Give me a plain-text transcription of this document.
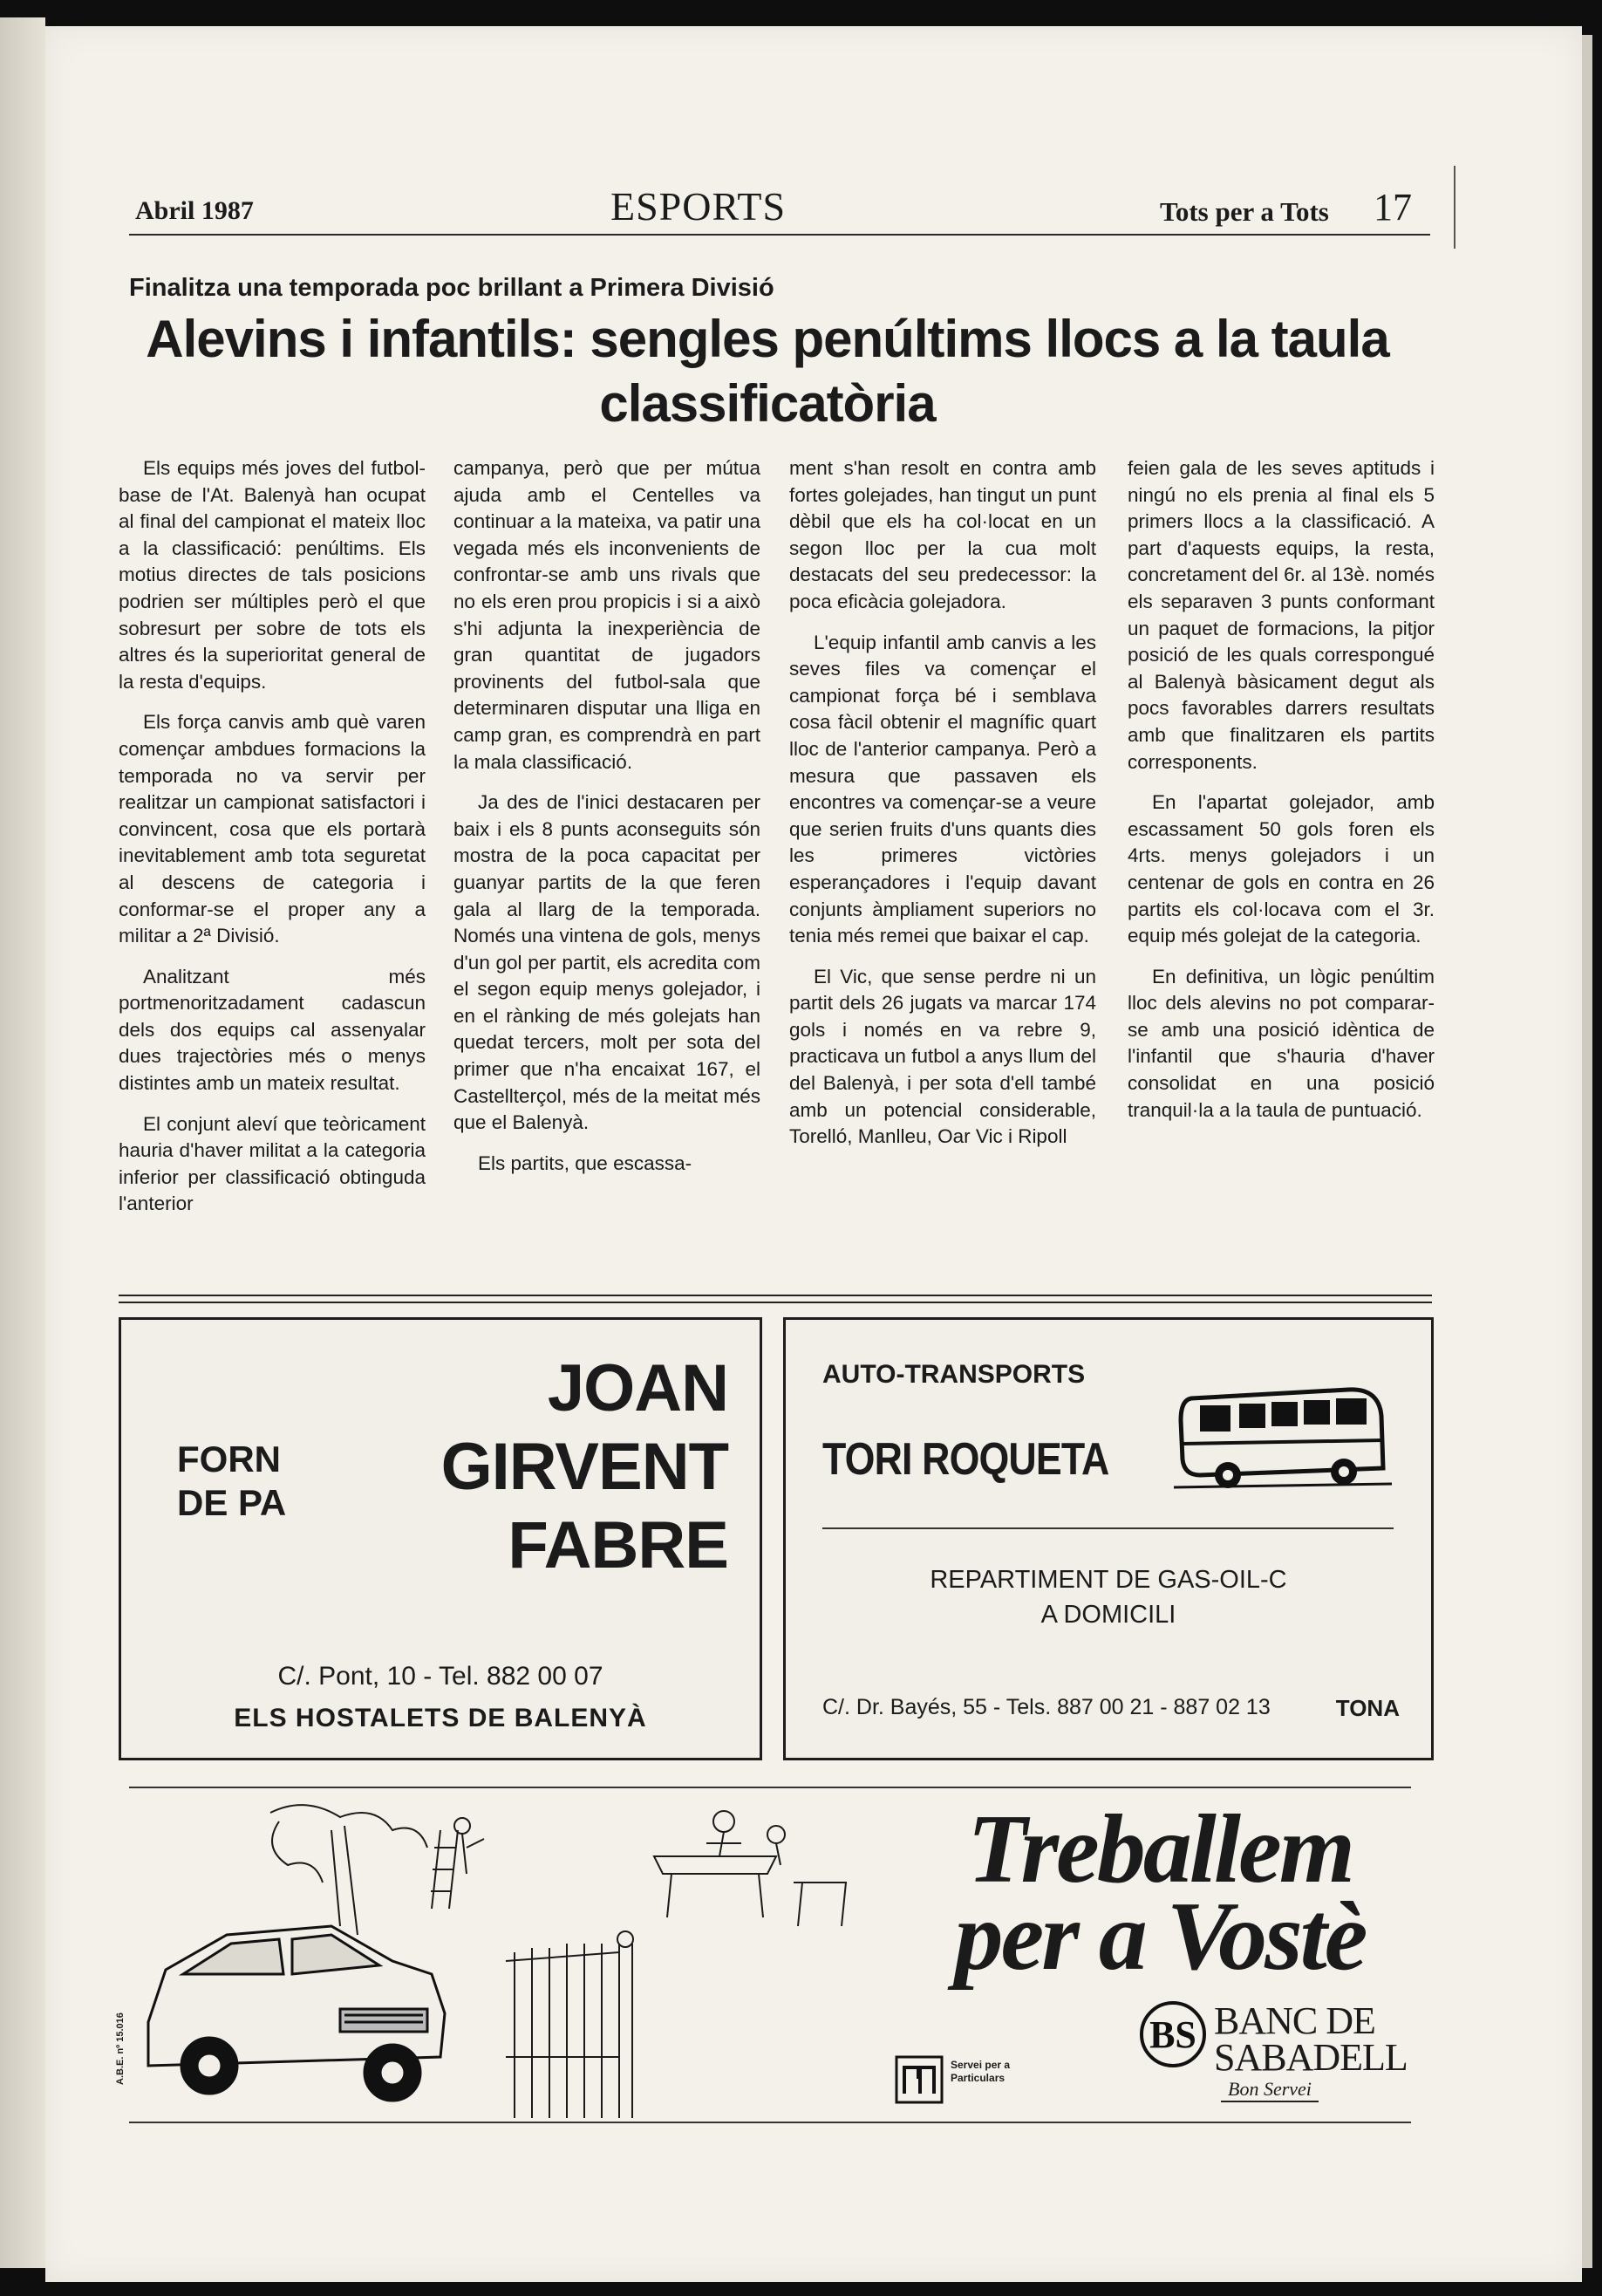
Abril 1987	ESPORTS	Tots per a Tots 17
Finalitza una temporada poc brillant a Primera Divisió
Alevins i infantils: sengles penúltims llocs a la taula classificatòria

Els equips més joves del futbol-base de l'At. Balenyà han ocupat al final del campionat el mateix lloc a la classificació: penúltims. Els motius directes de tals posicions podrien ser múltiples però el que sobresurt per sobre de tots els altres és la superioritat general de la resta d'equips.

Els força canvis amb què varen començar ambdues formacions la temporada no va servir per realitzar un campionat satisfactori i convincent, cosa que els portarà inevitablement amb tota seguretat al descens de categoria i conformar-se el proper any a militar a 2ª Divisió.

Analitzant més portmenoritzadament cadascun dels dos equips cal assenyalar dues trajectòries més o menys distintes amb un mateix resultat.

El conjunt aleví que teòricament hauria d'haver militat a la categoria inferior per classificació obtinguda l'anterior

campanya, però que per mútua ajuda amb el Centelles va continuar a la mateixa, va patir una vegada més els inconvenients de confrontar-se amb uns rivals que no els eren prou propicis i si a això s'hi adjunta la inexperiència de gran quantitat de jugadors provinents del futbol-sala que determinaren disputar una lliga en camp gran, es comprendrà en part la mala classificació.

Ja des de l'inici destacaren per baix i els 8 punts aconseguits són mostra de la poca capacitat per guanyar partits de la que feren gala al llarg de la temporada. Només una vintena de gols, menys d'un gol per partit, els acredita com el segon equip menys golejador, i en el rànking de més golejats han quedat tercers, molt per sota del primer que n'ha encaixat 167, el Castellterçol, més de la meitat més que el Balenyà.

Els partits, que escassa-

ment s'han resolt en contra amb fortes golejades, han tingut un punt dèbil que els ha col·locat en un segon lloc per la cua molt destacats del seu predecessor: la poca eficàcia golejadora.

L'equip infantil amb canvis a les seves files va començar el campionat força bé i semblava cosa fàcil obtenir el magnífic quart lloc de l'anterior campanya. Però a mesura que passaven els encontres va començar-se a veure que serien fruits d'uns quants dies les primeres victòries esperançadores i l'equip davant conjunts àmpliament superiors no tenia més remei que baixar el cap.

El Vic, que sense perdre ni un partit dels 26 jugats va marcar 174 gols i només en va rebre 9, practicava un futbol a anys llum del del Balenyà, i per sota d'ell també amb un potencial considerable, Torelló, Manlleu, Oar Vic i Ripoll

feien gala de les seves aptituds i ningú no els prenia al final els 5 primers llocs a la classificació. A part d'aquests equips, la resta, concretament del 6r. al 13è. només els separaven 3 punts conformant un paquet de formacions, la pitjor posició de les quals correspongué al Balenyà bàsicament degut als pocs favorables darrers resultats amb que finalitzaren els partits corresponents.

En l'apartat golejador, amb escassament 50 gols foren els 4rts. menys golejadors i un centenar de gols en contra en 26 partits els col·locava com el 3r. equip més golejat de la categoria.

En definitiva, un lògic penúltim lloc dels alevins no pot comparar-se amb una posició idèntica de l'infantil que s'hauria d'haver consolidat en una posició tranquil·la a la taula de puntuació.

FORN
DE PA
JOAN
GIRVENT
FABRE
C/. Pont, 10 - Tel. 882 00 07
ELS HOSTALETS DE BALENYÀ
AUTO-TRANSPORTS
TORI ROQUETA
REPARTIMENT DE GAS-OIL-C
A DOMICILI
C/. Dr. Bayés, 55 - Tels. 887 00 21 - 887 02 13	TONA
A.B.E. nº 15.016
Treballem
per a Vostè
BS BANC DE
SABADELL
Bon Servei
Servei per a
Particulars
